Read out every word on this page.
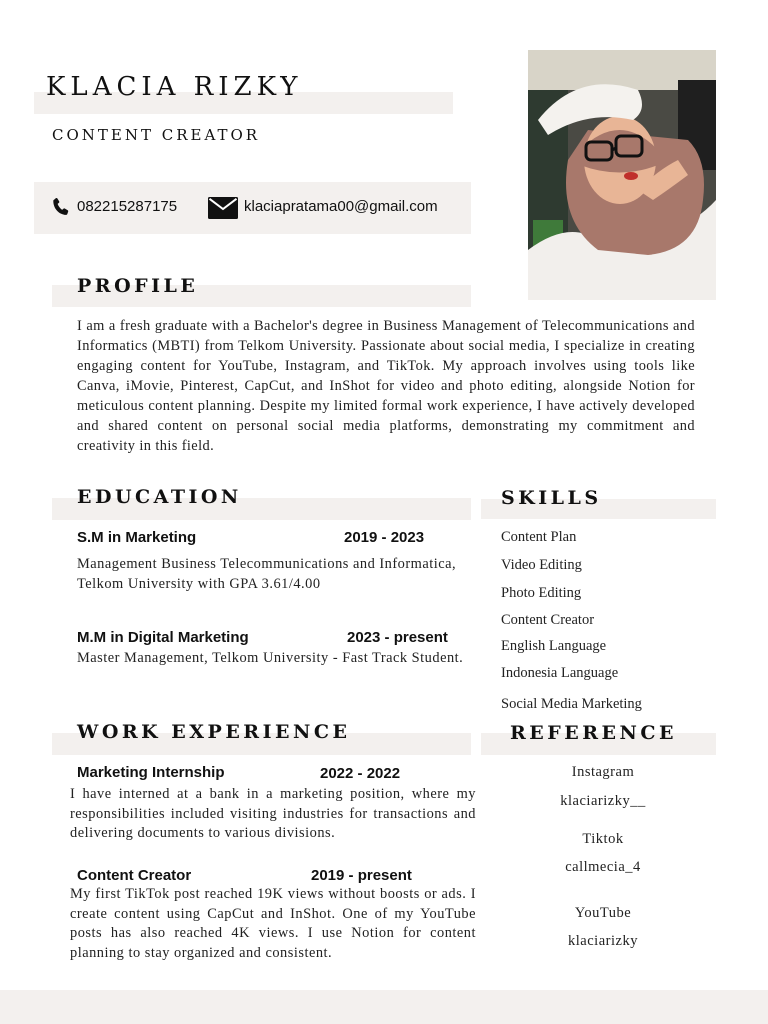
KLACIA RIZKY
CONTENT CREATOR
082215287175	klaciapratama00@gmail.com
PROFILE
I am a fresh graduate with a Bachelor's degree in Business Management of Telecommunications and Informatics (MBTI) from Telkom University. Passionate about social media, I specialize in creating engaging content for YouTube, Instagram, and TikTok. My approach involves using tools like Canva, iMovie, Pinterest, CapCut, and InShot for video and photo editing, alongside Notion for meticulous content planning. Despite my limited formal work experience, I have actively developed and shared content on personal social media platforms, demonstrating my commitment and creativity in this field.
EDUCATION
S.M in Marketing	2019 - 2023
Management Business Telecommunications and Informatica, Telkom University with GPA 3.61/4.00
M.M in Digital Marketing	2023 - present
Master Management, Telkom University - Fast Track Student.
SKILLS
Content Plan
Video Editing
Photo Editing
Content Creator
English Language
Indonesia Language
Social Media Marketing
WORK EXPERIENCE
Marketing Internship	2022 - 2022
I have interned at a bank in a marketing position, where my responsibilities included visiting industries for transactions and delivering documents to various divisions.
Content Creator	2019 - present
My first TikTok post reached 19K views without boosts or ads. I create content using CapCut and InShot. One of my YouTube posts has also reached 4K views. I use Notion for content planning to stay organized and consistent.
REFERENCE
Instagram
klaciarizky__
Tiktok
callmecia_4
YouTube
klaciarizky
